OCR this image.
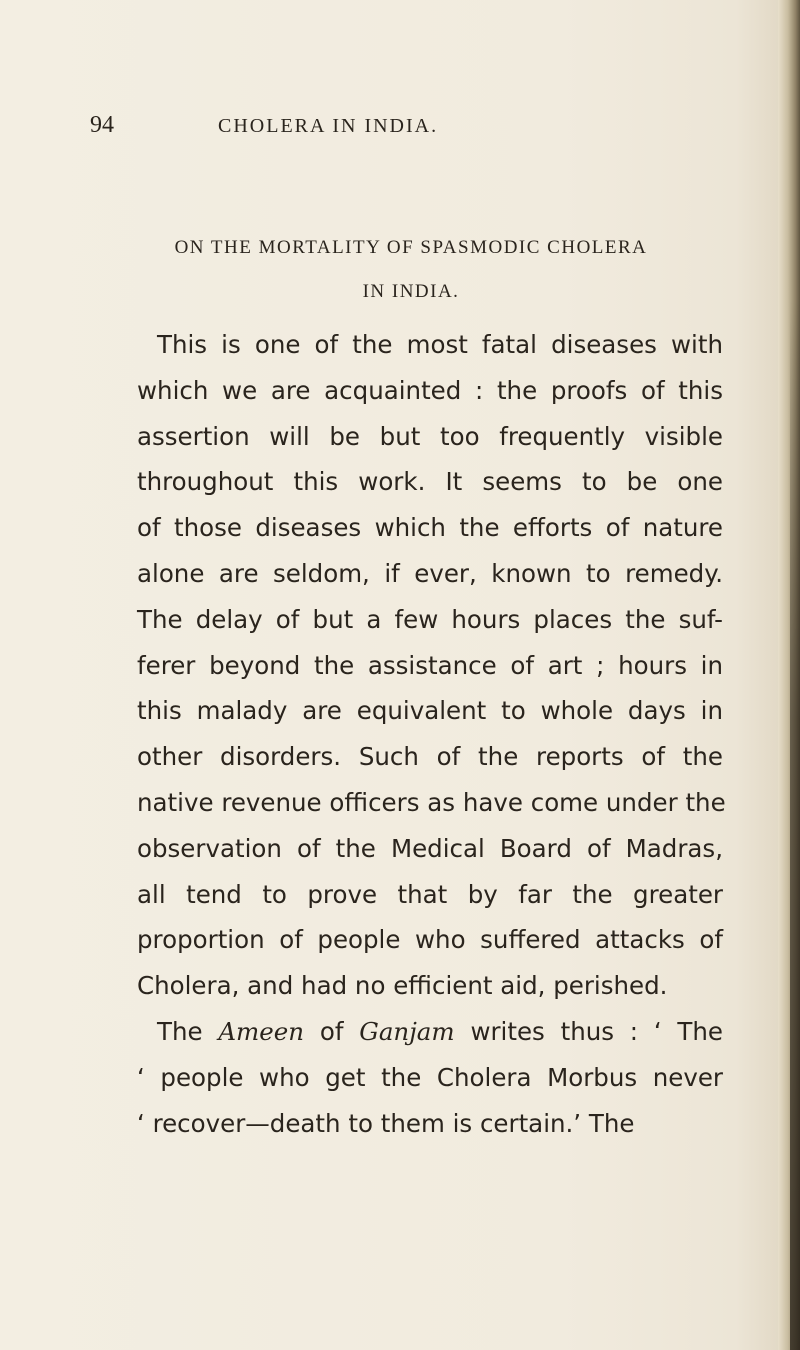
94	CHOLERA IN INDIA.
ON THE MORTALITY OF SPASMODIC CHOLERA
IN INDIA.
This is one of the most fatal diseases with
which we are acquainted : the proofs of this
assertion will be but too frequently visible
throughout this work. It seems to be one
of those diseases which the efforts of nature
alone are seldom, if ever, known to remedy.
The delay of but a few hours places the suf-
ferer beyond the assistance of art ; hours in
this malady are equivalent to whole days in
other disorders. Such of the reports of the
native revenue officers as have come under the
observation of the Medical Board of Madras,
all tend to prove that by far the greater
proportion of people who suffered attacks of
Cholera, and had no efficient aid, perished.
The Ameen of Ganjam writes thus : ‘ The
‘ people who get the Cholera Morbus never
‘ recover—death to them is certain.’ The
